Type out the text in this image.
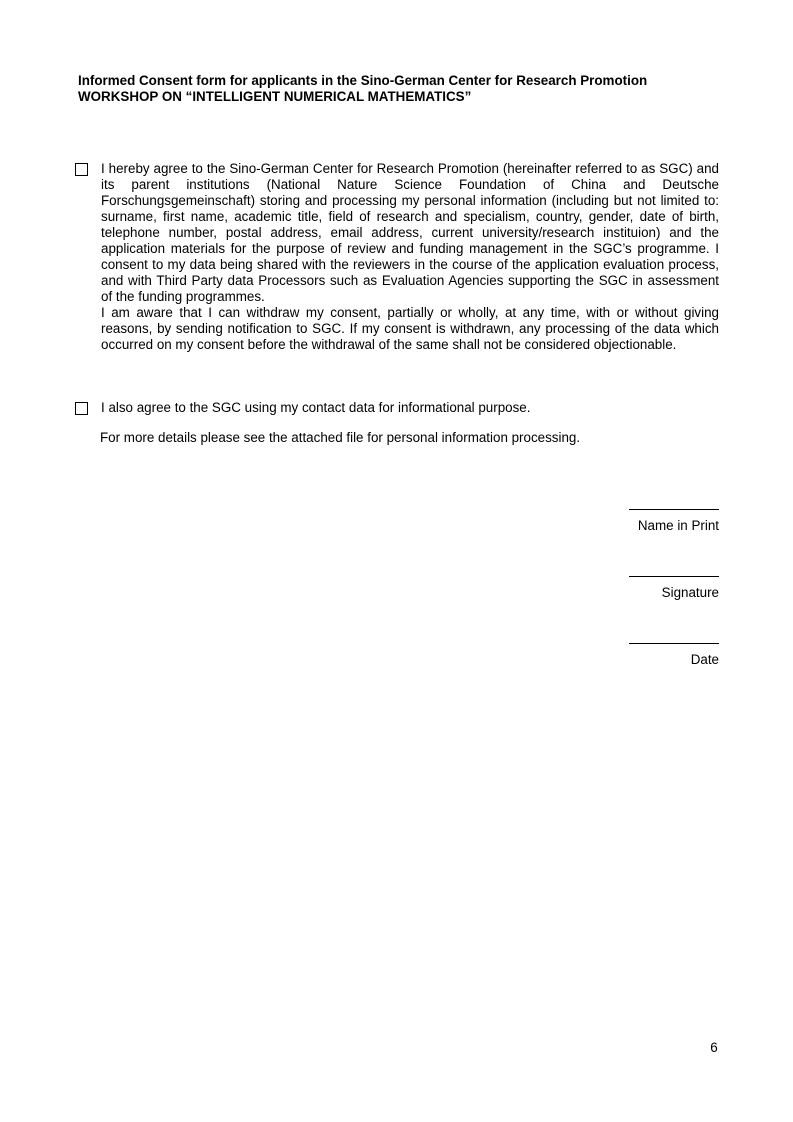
Informed Consent form for applicants in the Sino-German Center for Research Promotion
WORKSHOP ON “INTELLIGENT NUMERICAL MATHEMATICS”

I hereby agree to the Sino-German Center for Research Promotion (hereinafter referred to as SGC) and its parent institutions (National Nature Science Foundation of China and Deutsche Forschungsgemeinschaft) storing and processing my personal information (including but not limited to: surname, first name, academic title, field of research and specialism, country, gender, date of birth, telephone number, postal address, email address, current university/research instituion) and the application materials for the purpose of review and funding management in the SGC’s programme. I consent to my data being shared with the reviewers in the course of the application evaluation process, and with Third Party data Processors such as Evaluation Agencies supporting the SGC in assessment of the funding programmes.

I am aware that I can withdraw my consent, partially or wholly, at any time, with or without giving reasons, by sending notification to SGC. If my consent is withdrawn, any processing of the data which occurred on my consent before the withdrawal of the same shall not be considered objectionable.

I also agree to the SGC using my contact data for informational purpose.

For more details please see the attached file for personal information processing.
Name in Print
Signature
Date
6
